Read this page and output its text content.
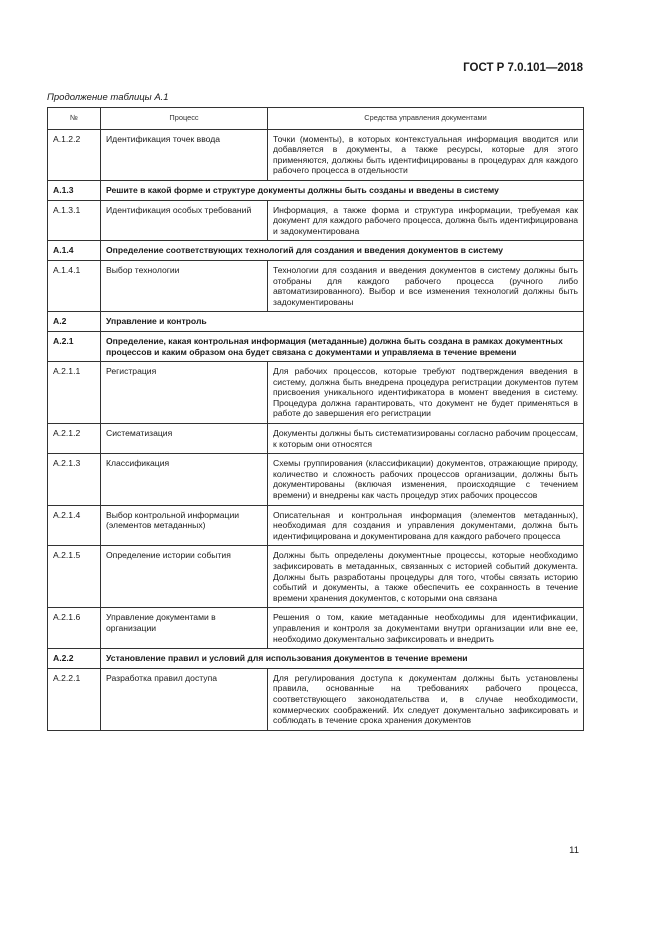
ГОСТ Р 7.0.101—2018
Продолжение таблицы А.1
№	Процесс	Средства управления документами
А.1.2.2	Идентификация точек ввода	Точки (моменты), в которых контекстуальная информация вводится или добавляется в документы, а также ресурсы, которые для этого применяются, должны быть идентифицированы в процедурах для каждого рабочего процесса в отдельности
А.1.3	Решите в какой форме и структуре документы должны быть созданы и введены в систему	
А.1.3.1	Идентификация особых требований	Информация, а также форма и структура информации, требуемая как документ для каждого рабочего процесса, должна быть идентифицирована и задокументирована
А.1.4	Определение соответствующих технологий для создания и введения документов в систему	
А.1.4.1	Выбор технологии	Технологии для создания и введения документов в систему должны быть отобраны для каждого рабочего процесса (ручного либо автоматизированного). Выбор и все изменения технологий должны быть задокументированы
А.2	Управление и контроль	
А.2.1	Определение, какая контрольная информация (метаданные) должна быть создана в рамках документных процессов и каким образом она будет связана с документами и управляема в течение времени	
А.2.1.1	Регистрация	Для рабочих процессов, которые требуют подтверждения введения в систему, должна быть внедрена процедура регистрации документов путем присвоения уникального идентификатора в момент введения в систему. Процедура должна гарантировать, что документ не будет применяться в работе до завершения его регистрации
А.2.1.2	Систематизация	Документы должны быть систематизированы согласно рабочим процессам, к которым они относятся
А.2.1.3	Классификация	Схемы группирования (классификации) документов, отражающие природу, количество и сложность рабочих процессов организации, должны быть документированы (включая изменения, происходящие с течением времени) и внедрены как часть процедур этих рабочих процессов
А.2.1.4	Выбор контрольной информации (элементов метаданных)	Описательная и контрольная информация (элементов метаданных), необходимая для создания и управления документами, должна быть идентифицирована и документирована для каждого рабочего процесса
А.2.1.5	Определение истории события	Должны быть определены документные процессы, которые необходимо зафиксировать в метаданных, связанных с историей событий документа. Должны быть разработаны процедуры для того, чтобы связать историю событий и документы, а также обеспечить ее сохранность в течение времени хранения документов, с которыми она связана
А.2.1.6	Управление документами в организации	Решения о том, какие метаданные необходимы для идентификации, управления и контроля за документами внутри организации или вне ее, необходимо документально зафиксировать и внедрить
А.2.2	Установление правил и условий для использования документов в течение времени	
А.2.2.1	Разработка правил доступа	Для регулирования доступа к документам должны быть установлены правила, основанные на требованиях рабочего процесса, соответствующего законодательства и, в случае необходимости, коммерческих соображений. Их следует документально зафиксировать и соблюдать в течение срока хранения документов
11
